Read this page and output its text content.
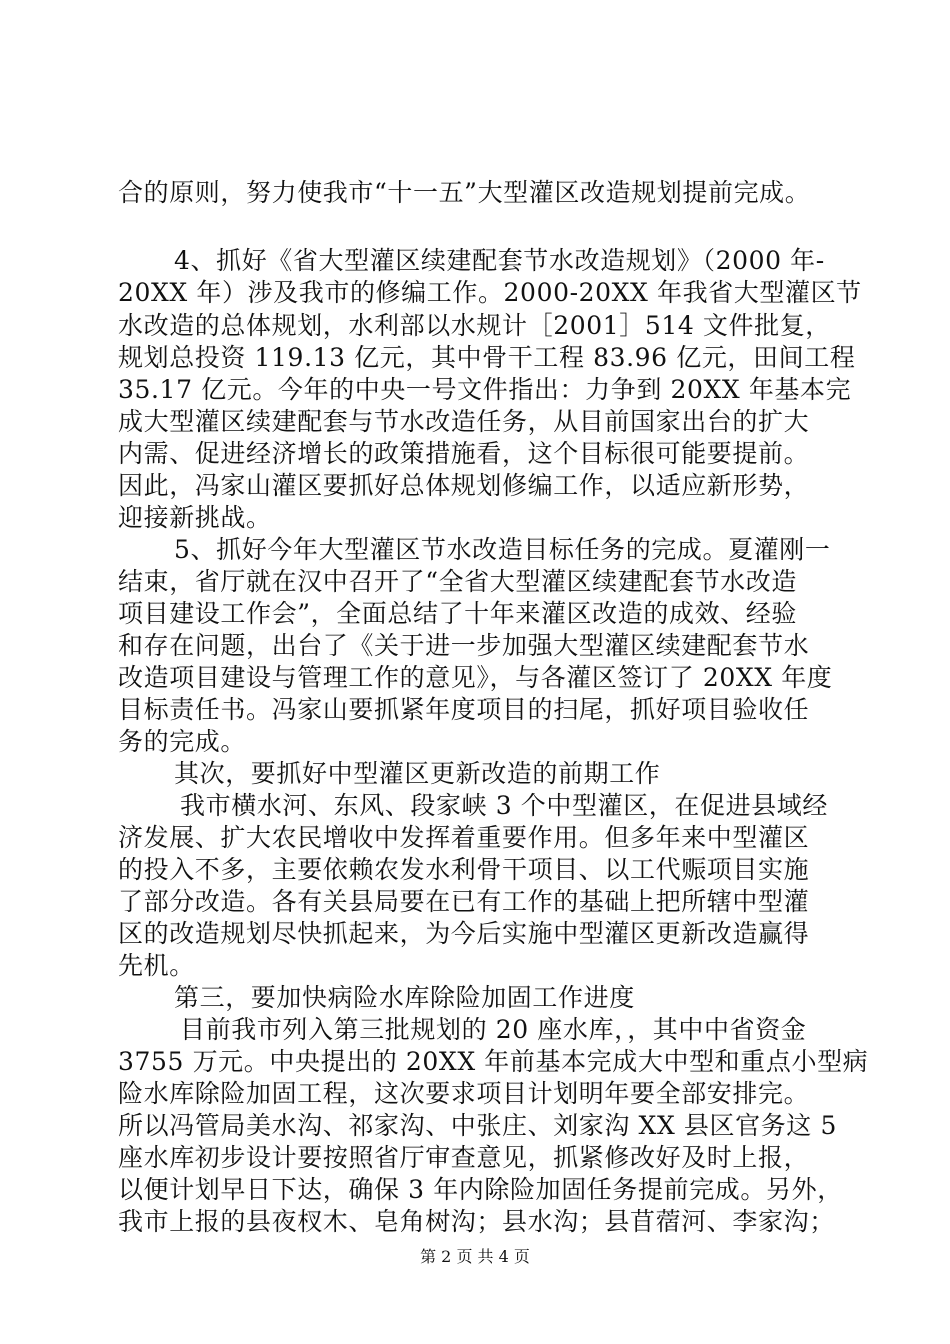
合的原则，努力使我市“十一五”大型灌区改造规划提前完成。
4、抓好《省大型灌区续建配套节水改造规划》（2000 年-
20XX 年）涉及我市的修编工作。2000-20XX 年我省大型灌区节
水改造的总体规划，水利部以水规计［2001］514 文件批复，
规划总投资 119.13 亿元，其中骨干工程 83.96 亿元，田间工程
35.17 亿元。今年的中央一号文件指出：力争到 20XX 年基本完
成大型灌区续建配套与节水改造任务，从目前国家出台的扩大
内需、促进经济增长的政策措施看，这个目标很可能要提前。
因此，冯家山灌区要抓好总体规划修编工作，以适应新形势，
迎接新挑战。
5、抓好今年大型灌区节水改造目标任务的完成。夏灌刚一
结束，省厅就在汉中召开了“全省大型灌区续建配套节水改造
项目建设工作会”，全面总结了十年来灌区改造的成效、经验
和存在问题，出台了《关于进一步加强大型灌区续建配套节水
改造项目建设与管理工作的意见》，与各灌区签订了 20XX 年度
目标责任书。冯家山要抓紧年度项目的扫尾，抓好项目验收任
务的完成。
其次，要抓好中型灌区更新改造的前期工作
我市横水河、东风、段家峡 3 个中型灌区，在促进县域经
济发展、扩大农民增收中发挥着重要作用。但多年来中型灌区
的投入不多，主要依赖农发水利骨干项目、以工代赈项目实施
了部分改造。各有关县局要在已有工作的基础上把所辖中型灌
区的改造规划尽快抓起来，为今后实施中型灌区更新改造赢得
先机。
第三，要加快病险水库除险加固工作进度
目前我市列入第三批规划的 20 座水库，，其中中省资金
3755 万元。中央提出的 20XX 年前基本完成大中型和重点小型病
险水库除险加固工程，这次要求项目计划明年要全部安排完。
所以冯管局美水沟、祁家沟、中张庄、刘家沟 XX 县区官务这 5
座水库初步设计要按照省厅审查意见，抓紧修改好及时上报，
以便计划早日下达，确保 3 年内除险加固任务提前完成。另外，
我市上报的县夜杈木、皂角树沟；县水沟；县苜蓿河、李家沟；
第 2 页 共 4 页
